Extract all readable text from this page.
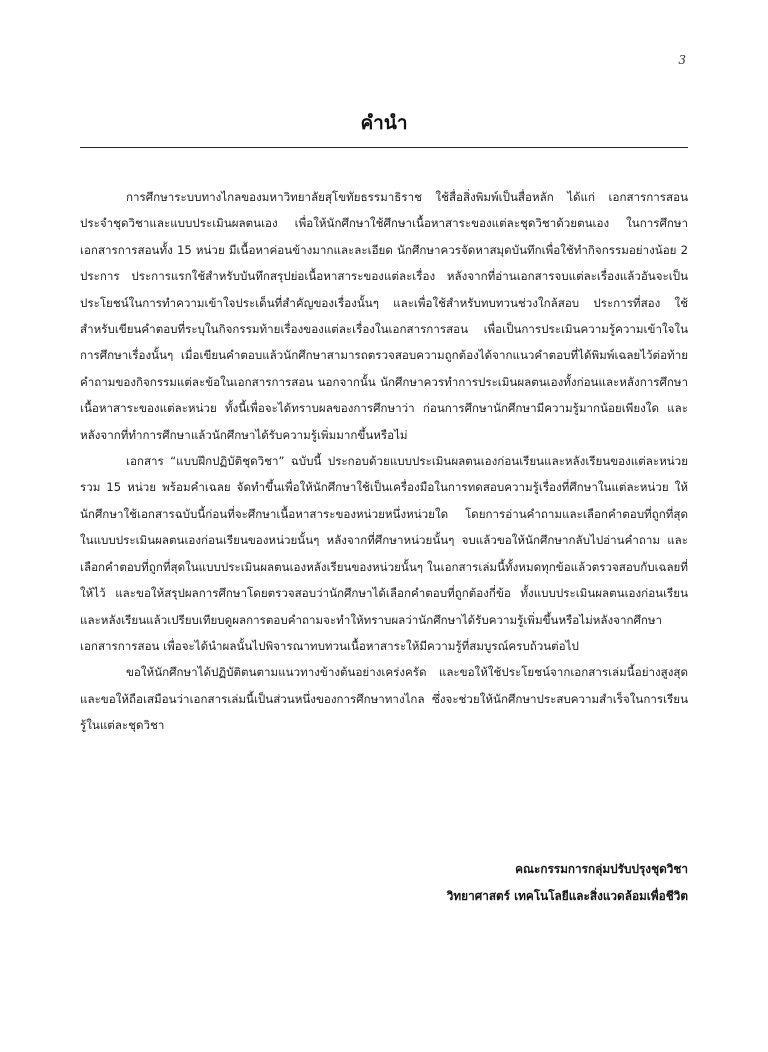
3
คำนำ

การศึกษาระบบทางไกลของมหาวิทยาลัยสุโขทัยธรรมาธิราช ใช้สื่อสิ่งพิมพ์เป็นสื่อหลัก ได้แก่ เอกสารการสอนประจำชุดวิชาและแบบประเมินผลตนเอง เพื่อให้นักศึกษาใช้ศึกษาเนื้อหาสาระของแต่ละชุดวิชาด้วยตนเอง ในการศึกษาเอกสารการสอนทั้ง 15 หน่วย มีเนื้อหาค่อนข้างมากและละเอียด นักศึกษาควรจัดหาสมุดบันทึกเพื่อใช้ทำกิจกรรมอย่างน้อย 2 ประการ ประการแรกใช้สำหรับบันทึกสรุปย่อเนื้อหาสาระของแต่ละเรื่อง หลังจากที่อ่านเอกสารจบแต่ละเรื่องแล้วอันจะเป็นประโยชน์ในการทำความเข้าใจประเด็นที่สำคัญของเรื่องนั้นๆ และเพื่อใช้สำหรับทบทวนช่วงใกล้สอบ ประการที่สอง ใช้สำหรับเขียนคำตอบที่ระบุในกิจกรรมท้ายเรื่องของแต่ละเรื่องในเอกสารการสอน เพื่อเป็นการประเมินความรู้ความเข้าใจในการศึกษาเรื่องนั้นๆ เมื่อเขียนคำตอบแล้วนักศึกษาสามารถตรวจสอบความถูกต้องได้จากแนวคำตอบที่ได้พิมพ์เฉลยไว้ต่อท้ายคำถามของกิจกรรมแต่ละข้อในเอกสารการสอน นอกจากนั้น นักศึกษาควรทำการประเมินผลตนเองทั้งก่อนและหลังการศึกษาเนื้อหาสาระของแต่ละหน่วย ทั้งนี้เพื่อจะได้ทราบผลของการศึกษาว่า ก่อนการศึกษานักศึกษามีความรู้มากน้อยเพียงใด และหลังจากที่ทำการศึกษาแล้วนักศึกษาได้รับความรู้เพิ่มมากขึ้นหรือไม่

เอกสาร “แบบฝึกปฏิบัติชุดวิชา” ฉบับนี้ ประกอบด้วยแบบประเมินผลตนเองก่อนเรียนและหลังเรียนของแต่ละหน่วย รวม 15 หน่วย พร้อมคำเฉลย จัดทำขึ้นเพื่อให้นักศึกษาใช้เป็นเครื่องมือในการทดสอบความรู้เรื่องที่ศึกษาในแต่ละหน่วย ให้นักศึกษาใช้เอกสารฉบับนี้ก่อนที่จะศึกษาเนื้อหาสาระของหน่วยหนึ่งหน่วยใด โดยการอ่านคำถามและเลือกคำตอบที่ถูกที่สุดในแบบประเมินผลตนเองก่อนเรียนของหน่วยนั้นๆ หลังจากที่ศึกษาหน่วยนั้นๆ จบแล้วขอให้นักศึกษากลับไปอ่านคำถาม และเลือกคำตอบที่ถูกที่สุดในแบบประเมินผลตนเองหลังเรียนของหน่วยนั้นๆ ในเอกสารเล่มนี้ทั้งหมดทุกข้อแล้วตรวจสอบกับเฉลยที่ให้ไว้ และขอให้สรุปผลการศึกษาโดยตรวจสอบว่านักศึกษาได้เลือกคำตอบที่ถูกต้องกี่ข้อ ทั้งแบบประเมินผลตนเองก่อนเรียนและหลังเรียนแล้วเปรียบเทียบดูผลการตอบคำถามจะทำให้ทราบผลว่านักศึกษาได้รับความรู้เพิ่มขึ้นหรือไม่หลังจากศึกษาเอกสารการสอน เพื่อจะได้นำผลนั้นไปพิจารณาทบทวนเนื้อหาสาระให้มีความรู้ที่สมบูรณ์ครบถ้วนต่อไป

ขอให้นักศึกษาได้ปฏิบัติตนตามแนวทางข้างต้นอย่างเคร่งครัด และขอให้ใช้ประโยชน์จากเอกสารเล่มนี้อย่างสูงสุด และขอให้ถือเสมือนว่าเอกสารเล่มนี้เป็นส่วนหนึ่งของการศึกษาทางไกล ซึ่งจะช่วยให้นักศึกษาประสบความสำเร็จในการเรียนรู้ในแต่ละชุดวิชา

คณะกรรมการกลุ่มปรับปรุงชุดวิชา
วิทยาศาสตร์ เทคโนโลยีและสิ่งแวดล้อมเพื่อชีวิต
